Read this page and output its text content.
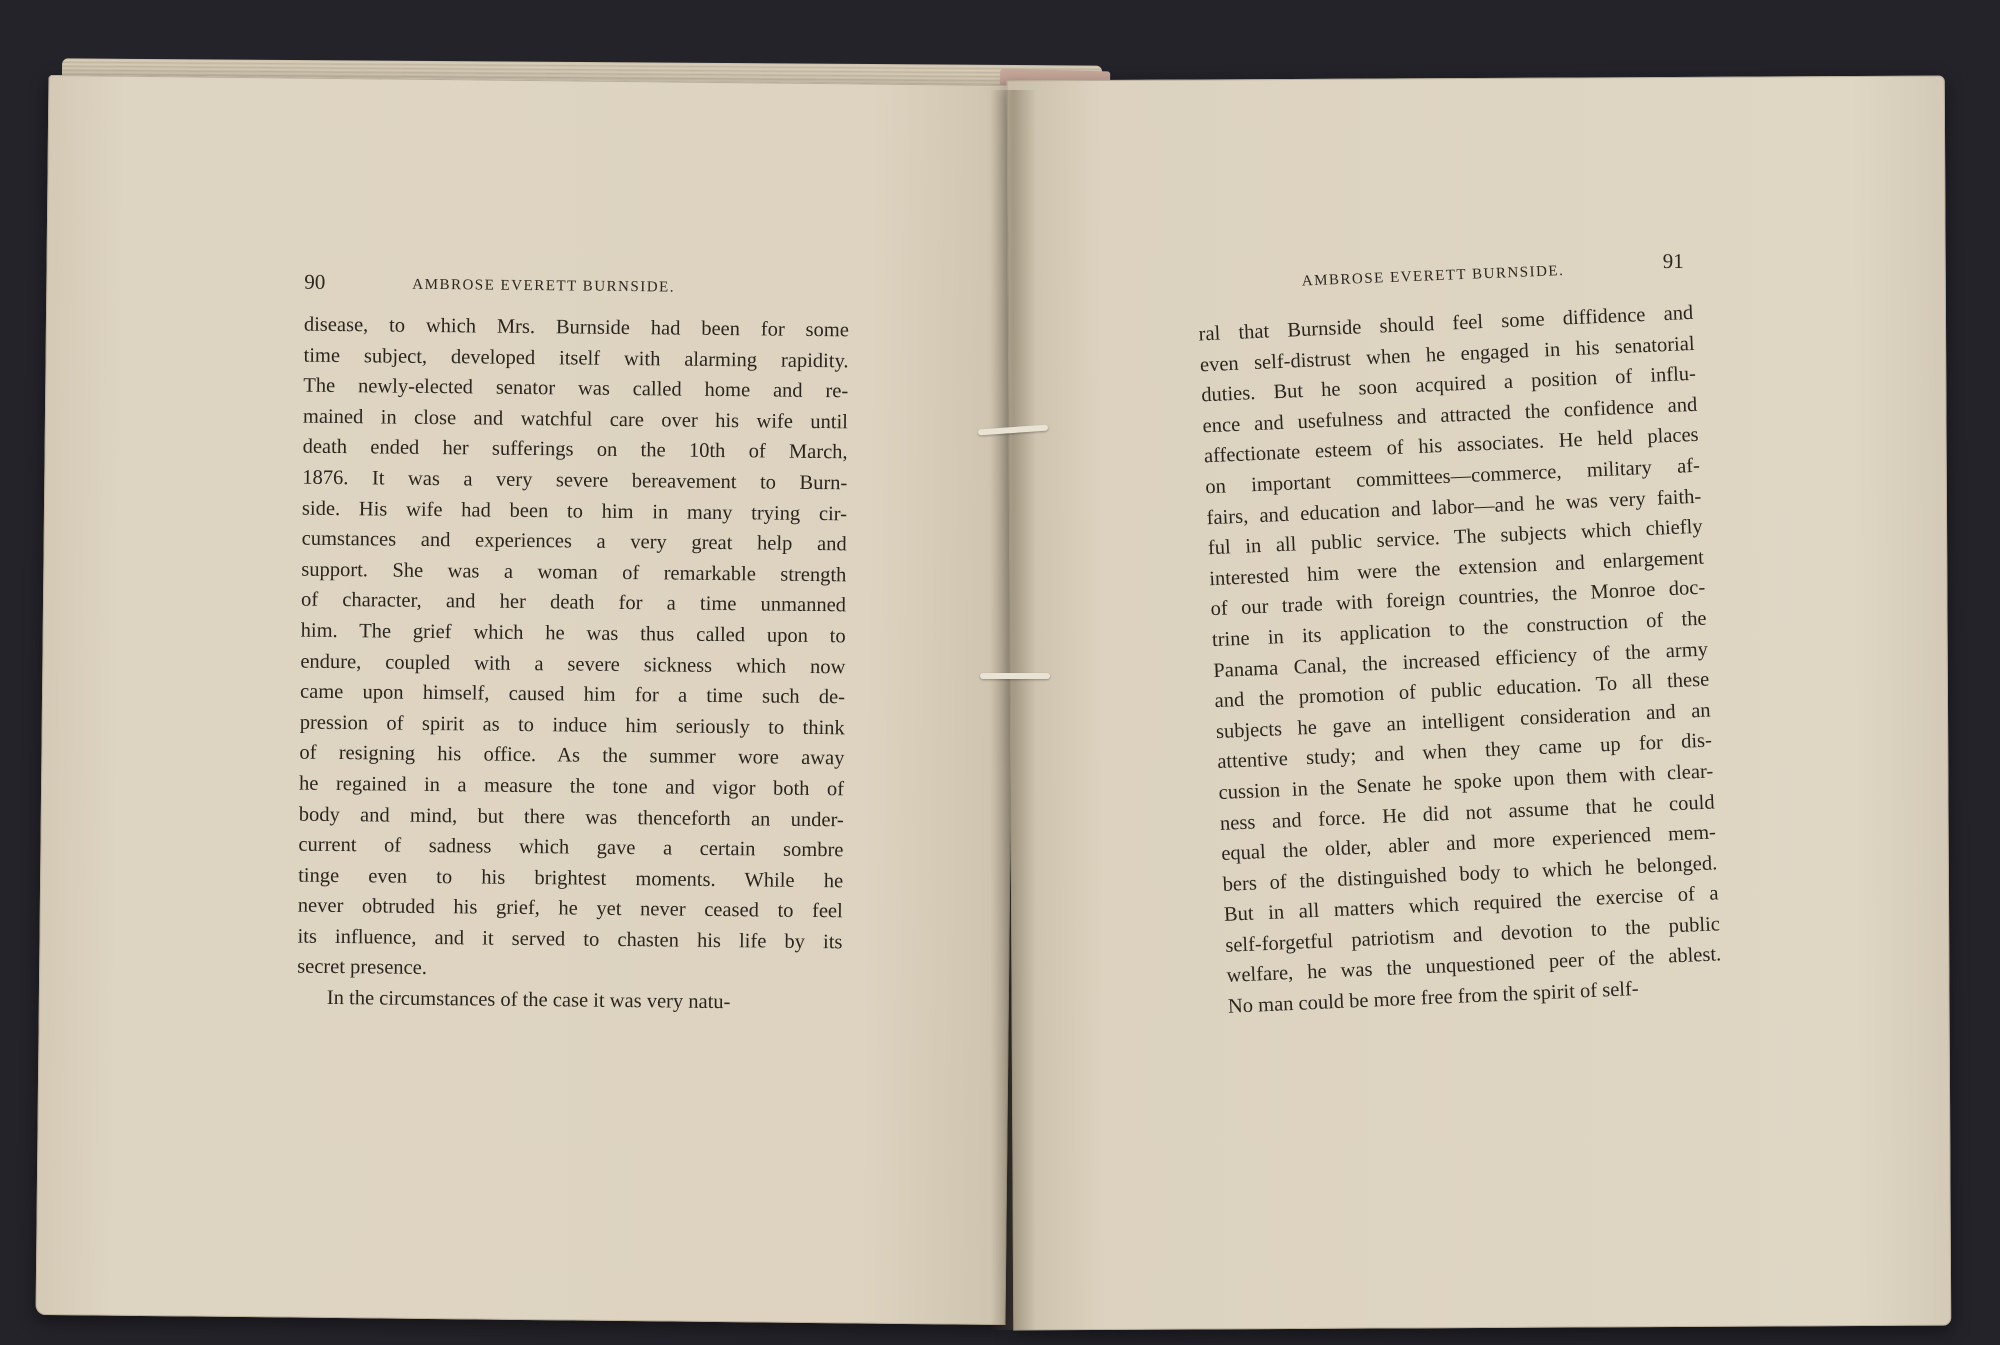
90	AMBROSE EVERETT BURNSIDE.
disease, to which Mrs. Burnside had been for some
time subject, developed itself with alarming rapidity.
The newly-elected senator was called home and re-
mained in close and watchful care over his wife until
death ended her sufferings on the 10th of March,
1876. It was a very severe bereavement to Burn-
side. His wife had been to him in many trying cir-
cumstances and experiences a very great help and
support. She was a woman of remarkable strength
of character, and her death for a time unmanned
him. The grief which he was thus called upon to
endure, coupled with a severe sickness which now
came upon himself, caused him for a time such de-
pression of spirit as to induce him seriously to think
of resigning his office. As the summer wore away
he regained in a measure the tone and vigor both of
body and mind, but there was thenceforth an under-
current of sadness which gave a certain sombre
tinge even to his brightest moments. While he
never obtruded his grief, he yet never ceased to feel
its influence, and it served to chasten his life by its
secret presence.
In the circumstances of the case it was very natu-
AMBROSE EVERETT BURNSIDE.
91
ral that Burnside should feel some diffidence and
even self-distrust when he engaged in his senatorial
duties. But he soon acquired a position of influ-
ence and usefulness and attracted the confidence and
affectionate esteem of his associates. He held places
on important committees—commerce, military af-
fairs, and education and labor—and he was very faith-
ful in all public service. The subjects which chiefly
interested him were the extension and enlargement
of our trade with foreign countries, the Monroe doc-
trine in its application to the construction of the
Panama Canal, the increased efficiency of the army
and the promotion of public education. To all these
subjects he gave an intelligent consideration and an
attentive study; and when they came up for dis-
cussion in the Senate he spoke upon them with clear-
ness and force. He did not assume that he could
equal the older, abler and more experienced mem-
bers of the distinguished body to which he belonged.
But in all matters which required the exercise of a
self-forgetful patriotism and devotion to the public
welfare, he was the unquestioned peer of the ablest.
No man could be more free from the spirit of self-
